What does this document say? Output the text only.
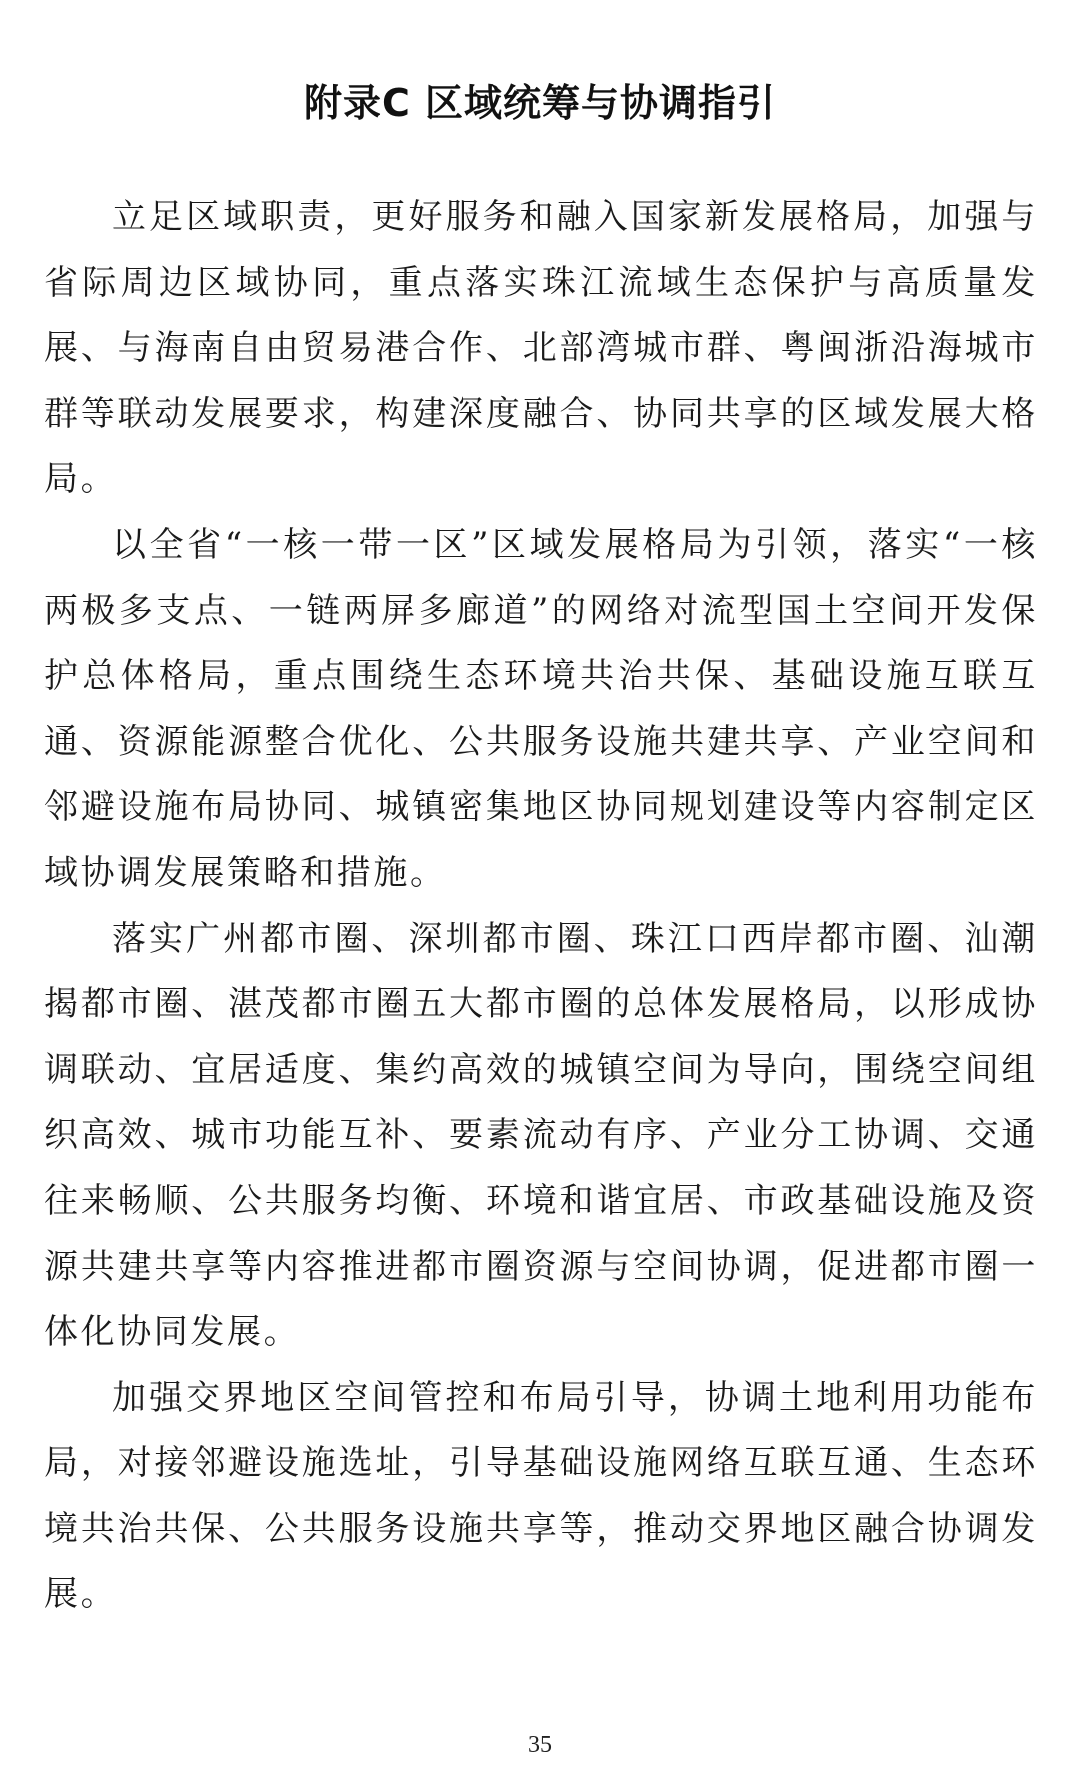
附录C 区域统筹与协调指引

立足区域职责，更好服务和融入国家新发展格局，加强与省际周边区域协同，重点落实珠江流域生态保护与高质量发展、与海南自由贸易港合作、北部湾城市群、粤闽浙沿海城市群等联动发展要求，构建深度融合、协同共享的区域发展大格局。

以全省“一核一带一区”区域发展格局为引领，落实“一核两极多支点、一链两屏多廊道”的网络对流型国土空间开发保护总体格局，重点围绕生态环境共治共保、基础设施互联互通、资源能源整合优化、公共服务设施共建共享、产业空间和邻避设施布局协同、城镇密集地区协同规划建设等内容制定区域协调发展策略和措施。

落实广州都市圈、深圳都市圈、珠江口西岸都市圈、汕潮揭都市圈、湛茂都市圈五大都市圈的总体发展格局，以形成协调联动、宜居适度、集约高效的城镇空间为导向，围绕空间组织高效、城市功能互补、要素流动有序、产业分工协调、交通往来畅顺、公共服务均衡、环境和谐宜居、市政基础设施及资源共建共享等内容推进都市圈资源与空间协调，促进都市圈一体化协同发展。

加强交界地区空间管控和布局引导，协调土地利用功能布局，对接邻避设施选址，引导基础设施网络互联互通、生态环境共治共保、公共服务设施共享等，推动交界地区融合协调发展。

35
